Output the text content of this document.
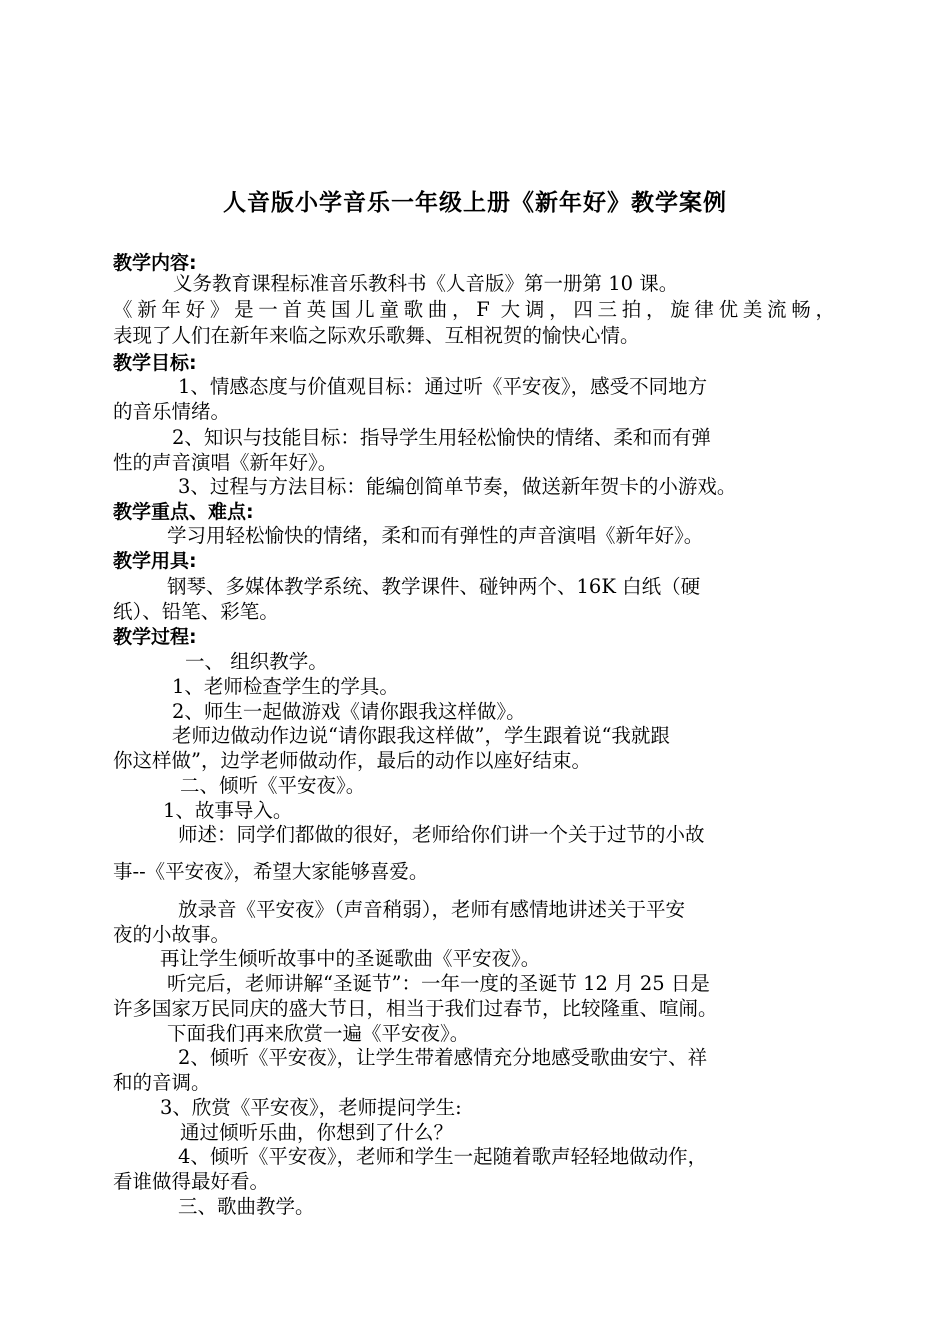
人音版小学音乐一年级上册《新年好》教学案例
教学内容:
义务教育课程标准音乐教科书《人音版》第一册第 10 课。
《新年好》是一首英国儿童歌曲，F 大调，四三拍，旋律优美流畅，
表现了人们在新年来临之际欢乐歌舞、互相祝贺的愉快心情。
教学目标:
1、情感态度与价值观目标：通过听《平安夜》，感受不同地方
的音乐情绪。
2、知识与技能目标：指导学生用轻松愉快的情绪、柔和而有弹
性的声音演唱《新年好》。
3、过程与方法目标：能编创简单节奏，做送新年贺卡的小游戏。
教学重点、难点:
学习用轻松愉快的情绪，柔和而有弹性的声音演唱《新年好》。
教学用具:
钢琴、多媒体教学系统、教学课件、碰钟两个、16K 白纸（硬
纸）、铅笔、彩笔。
教学过程:
一、 组织教学。
1、老师检查学生的学具。
2、师生一起做游戏《请你跟我这样做》。
老师边做动作边说“请你跟我这样做”，学生跟着说“我就跟
你这样做”，边学老师做动作，最后的动作以座好结束。
二、倾听《平安夜》。
1、故事导入。
师述：同学们都做的很好，老师给你们讲一个关于过节的小故
事--《平安夜》，希望大家能够喜爱。
放录音《平安夜》（声音稍弱），老师有感情地讲述关于平安
夜的小故事。
再让学生倾听故事中的圣诞歌曲《平安夜》。
听完后，老师讲解“圣诞节”：一年一度的圣诞节 12 月 25 日是
许多国家万民同庆的盛大节日，相当于我们过春节，比较隆重、喧闹。
下面我们再来欣赏一遍《平安夜》。
2、倾听《平安夜》，让学生带着感情充分地感受歌曲安宁、祥
和的音调。
3、欣赏《平安夜》，老师提问学生:
通过倾听乐曲，你想到了什么？
4、倾听《平安夜》，老师和学生一起随着歌声轻轻地做动作，
看谁做得最好看。
三、歌曲教学。
